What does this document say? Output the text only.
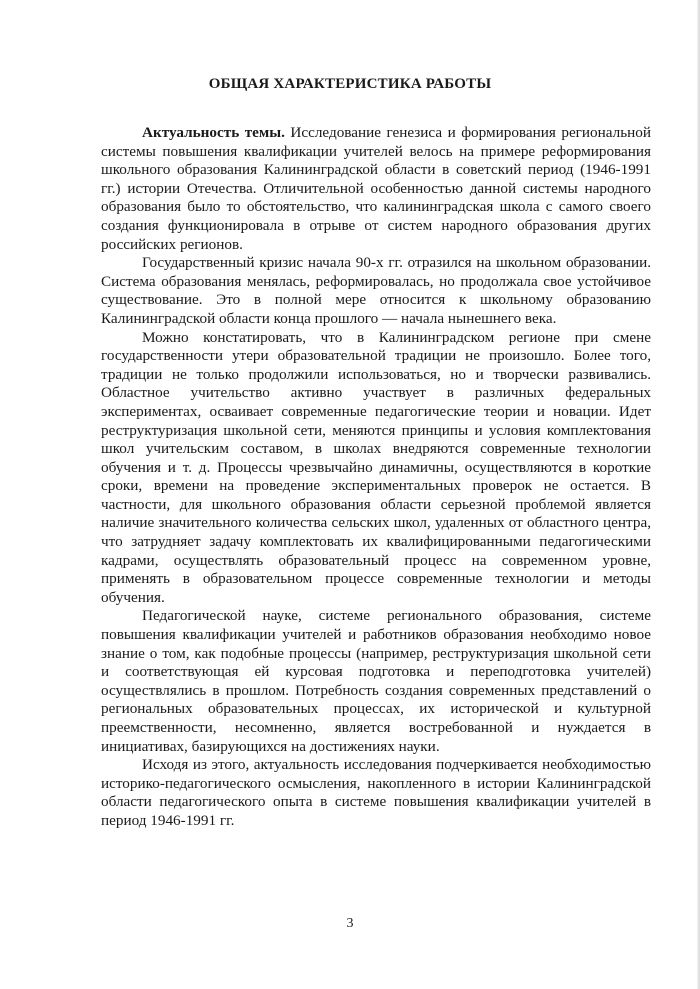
ОБЩАЯ ХАРАКТЕРИСТИКА РАБОТЫ

Актуальность темы. Исследование генезиса и формирования региональной системы повышения квалификации учителей велось на примере реформирования школьного образования Калининградской области в советский период (1946-1991 гг.) истории Отечества. Отличительной особенностью данной системы народного образования было то обстоятельство, что калининградская школа с самого своего создания функционировала в отрыве от систем народного образования других российских регионов.

Государственный кризис начала 90-х гг. отразился на школьном образовании. Система образования менялась, реформировалась, но продолжала свое устойчивое существование. Это в полной мере относится к школьному образованию Калининградской области конца прошлого — начала нынешнего века.

Можно констатировать, что в Калининградском регионе при смене государственности утери образовательной традиции не произошло. Более того, традиции не только продолжили использоваться, но и творчески развивались. Областное учительство активно участвует в различных федеральных экспериментах, осваивает современные педагогические теории и новации. Идет реструктуризация школьной сети, меняются принципы и условия комплектования школ учительским составом, в школах внедряются современные технологии обучения и т. д. Процессы чрезвычайно динамичны, осуществляются в короткие сроки, времени на проведение экспериментальных проверок не остается. В частности, для школьного образования области серьезной проблемой является наличие значительного количества сельских школ, удаленных от областного центра, что затрудняет задачу комплектовать их квалифицированными педагогическими кадрами, осуществлять образовательный процесс на современном уровне, применять в образовательном процессе современные технологии и методы обучения.

Педагогической науке, системе регионального образования, системе повышения квалификации учителей и работников образования необходимо новое знание о том, как подобные процессы (например, реструктуризация школьной сети и соответствующая ей курсовая подготовка и переподготовка учителей) осуществлялись в прошлом. Потребность создания современных представлений о региональных образовательных процессах, их исторической и культурной преемственности, несомненно, является востребованной и нуждается в инициативах, базирующихся на достижениях науки.

Исходя из этого, актуальность исследования подчеркивается необходимостью историко-педагогического осмысления, накопленного в истории Калининградской области педагогического опыта в системе повышения квалификации учителей в период 1946-1991 гг.

3
